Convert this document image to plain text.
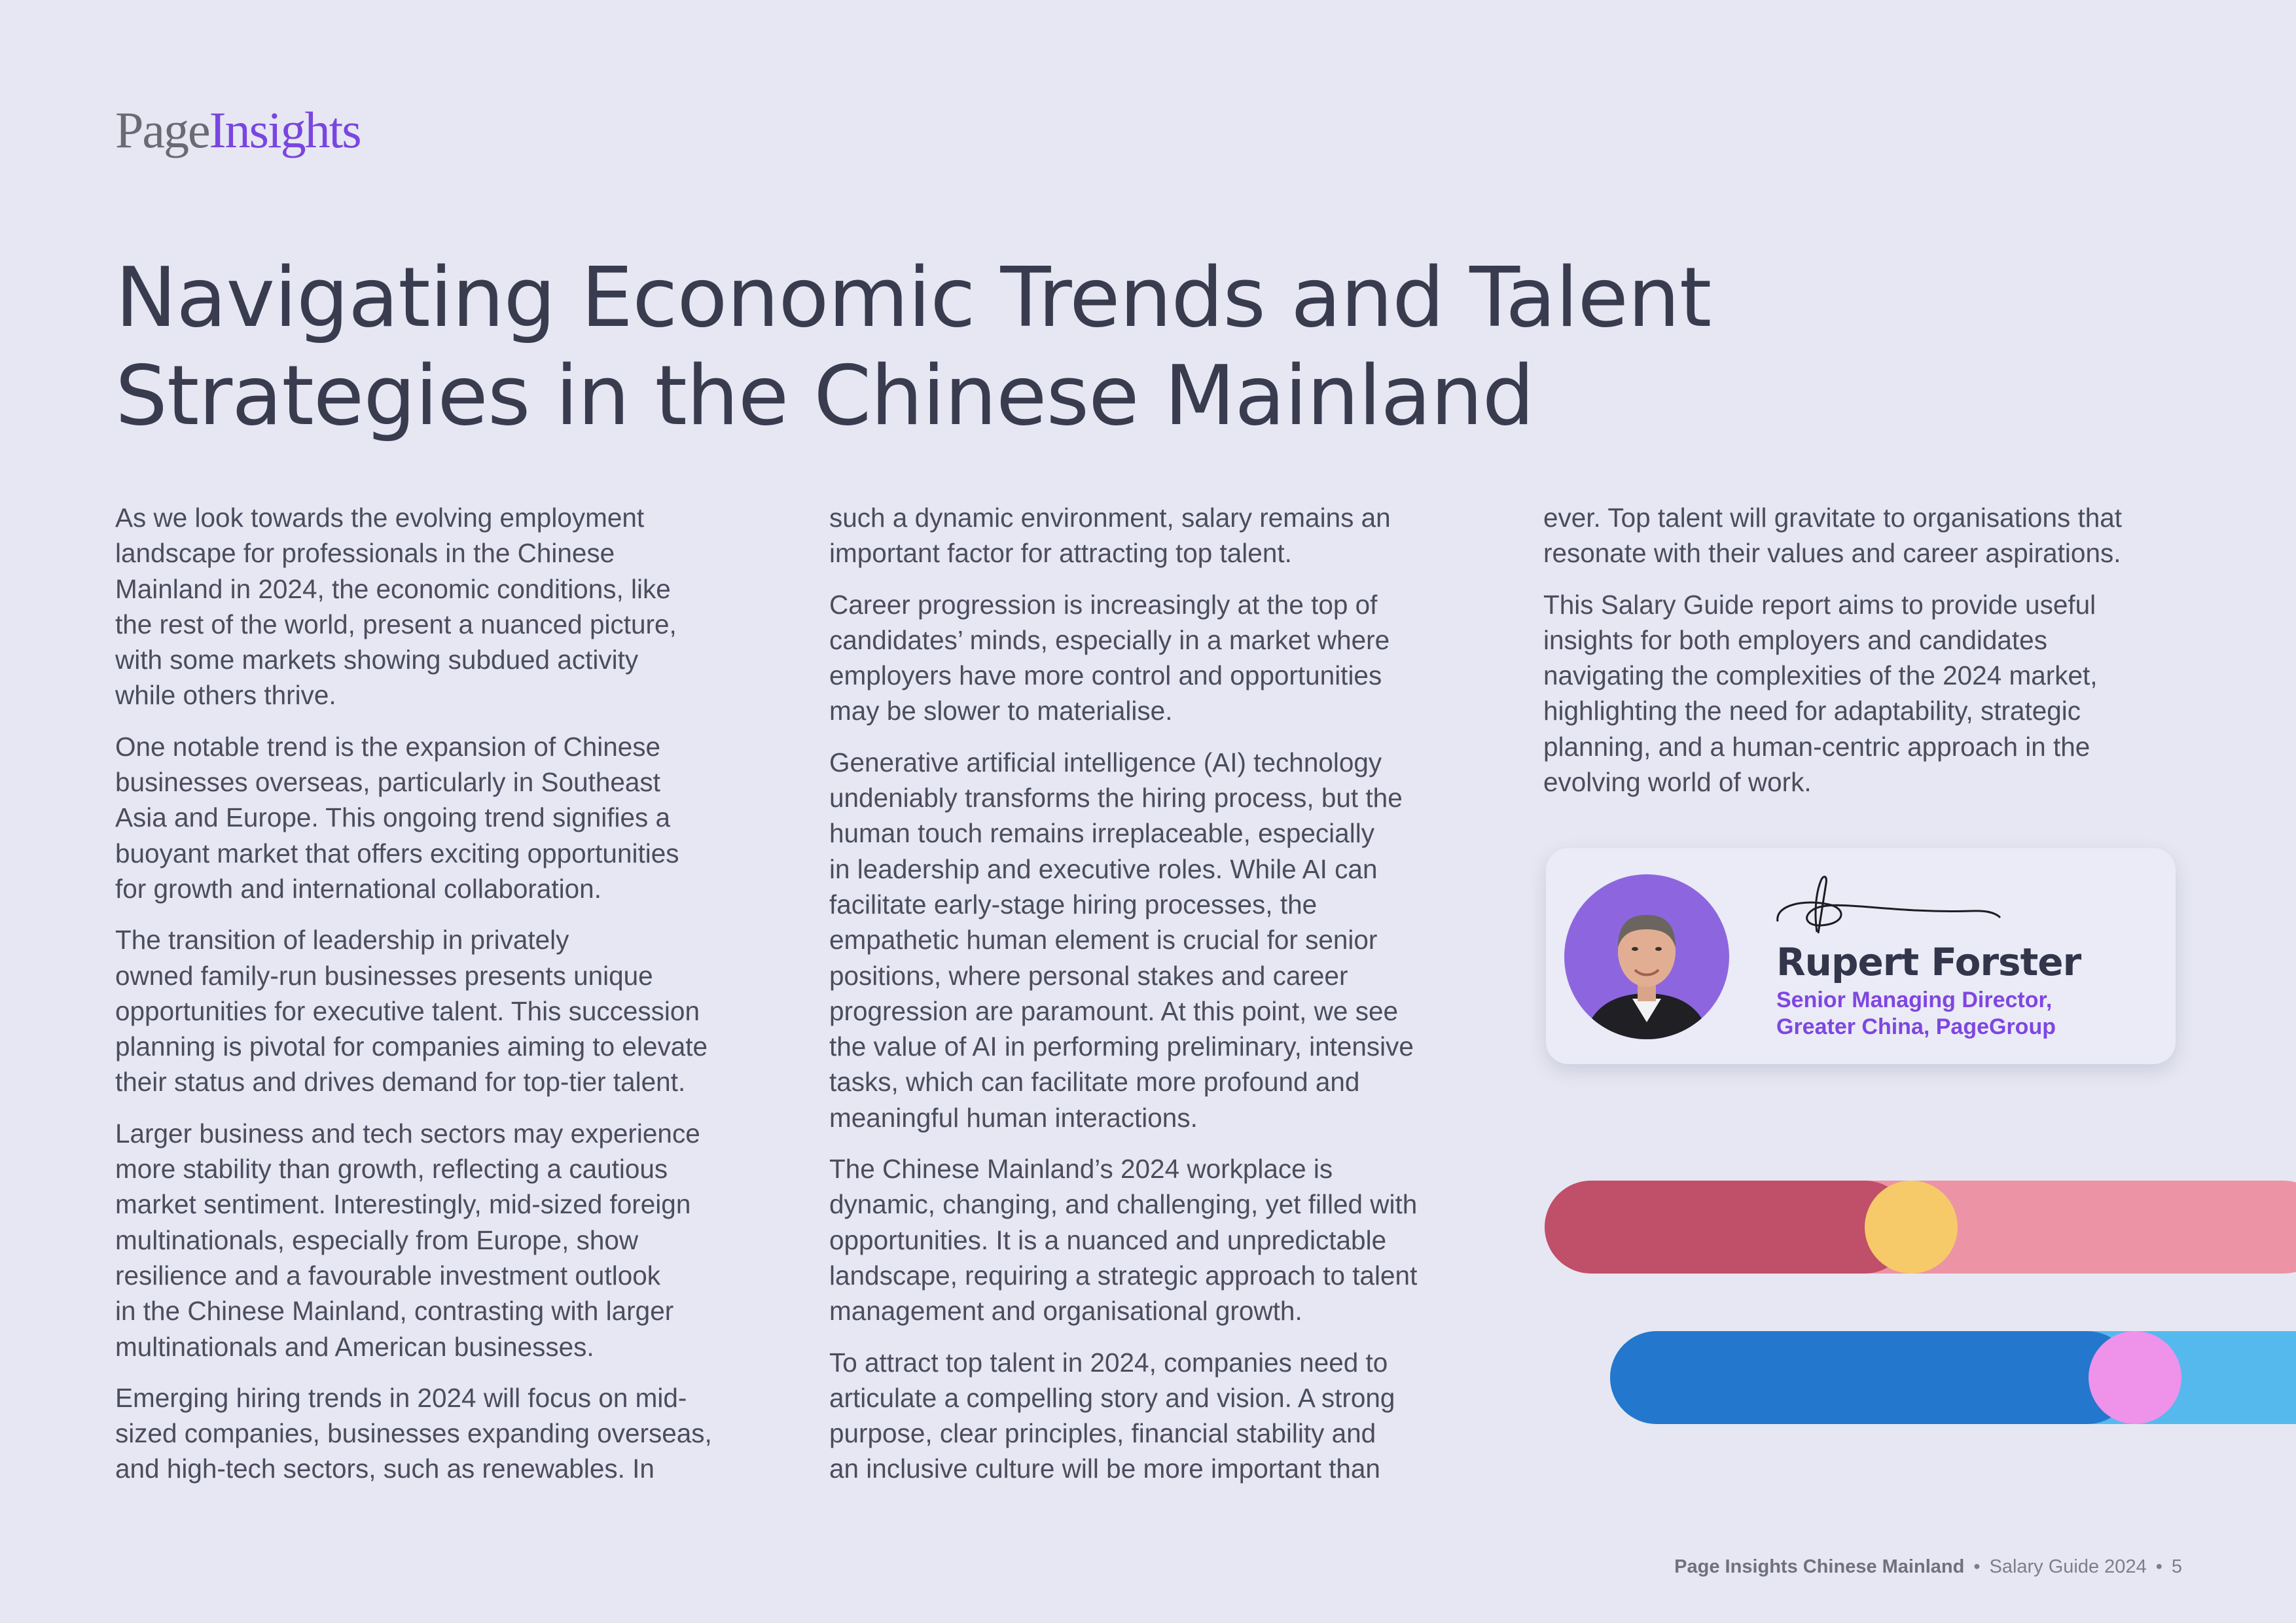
PageInsights
Navigating Economic Trends and Talent
Strategies in the Chinese Mainland

As we look towards the evolving employment
landscape for professionals in the Chinese
Mainland in 2024, the economic conditions, like
the rest of the world, present a nuanced picture,
with some markets showing subdued activity
while others thrive.

One notable trend is the expansion of Chinese
businesses overseas, particularly in Southeast
Asia and Europe. This ongoing trend signifies a
buoyant market that offers exciting opportunities
for growth and international collaboration.

The transition of leadership in privately
owned family-run businesses presents unique
opportunities for executive talent. This succession
planning is pivotal for companies aiming to elevate
their status and drives demand for top-tier talent.

Larger business and tech sectors may experience
more stability than growth, reflecting a cautious
market sentiment. Interestingly, mid-sized foreign
multinationals, especially from Europe, show
resilience and a favourable investment outlook
in the Chinese Mainland, contrasting with larger
multinationals and American businesses.

Emerging hiring trends in 2024 will focus on mid-
sized companies, businesses expanding overseas,
and high-tech sectors, such as renewables. In

such a dynamic environment, salary remains an
important factor for attracting top talent.

Career progression is increasingly at the top of
candidates’ minds, especially in a market where
employers have more control and opportunities
may be slower to materialise.

Generative artificial intelligence (AI) technology
undeniably transforms the hiring process, but the
human touch remains irreplaceable, especially
in leadership and executive roles. While AI can
facilitate early-stage hiring processes, the
empathetic human element is crucial for senior
positions, where personal stakes and career
progression are paramount. At this point, we see
the value of AI in performing preliminary, intensive
tasks, which can facilitate more profound and
meaningful human interactions.

The Chinese Mainland’s 2024 workplace is
dynamic, changing, and challenging, yet filled with
opportunities. It is a nuanced and unpredictable
landscape, requiring a strategic approach to talent
management and organisational growth.

To attract top talent in 2024, companies need to
articulate a compelling story and vision. A strong
purpose, clear principles, financial stability and
an inclusive culture will be more important than

ever. Top talent will gravitate to organisations that
resonate with their values and career aspirations.

This Salary Guide report aims to provide useful
insights for both employers and candidates
navigating the complexities of the 2024 market,
highlighting the need for adaptability, strategic
planning, and a human-centric approach in the
evolving world of work.

Rupert Forster
Senior Managing Director,
Greater China, PageGroup
Page Insights Chinese Mainland • Salary Guide 2024 • 5
